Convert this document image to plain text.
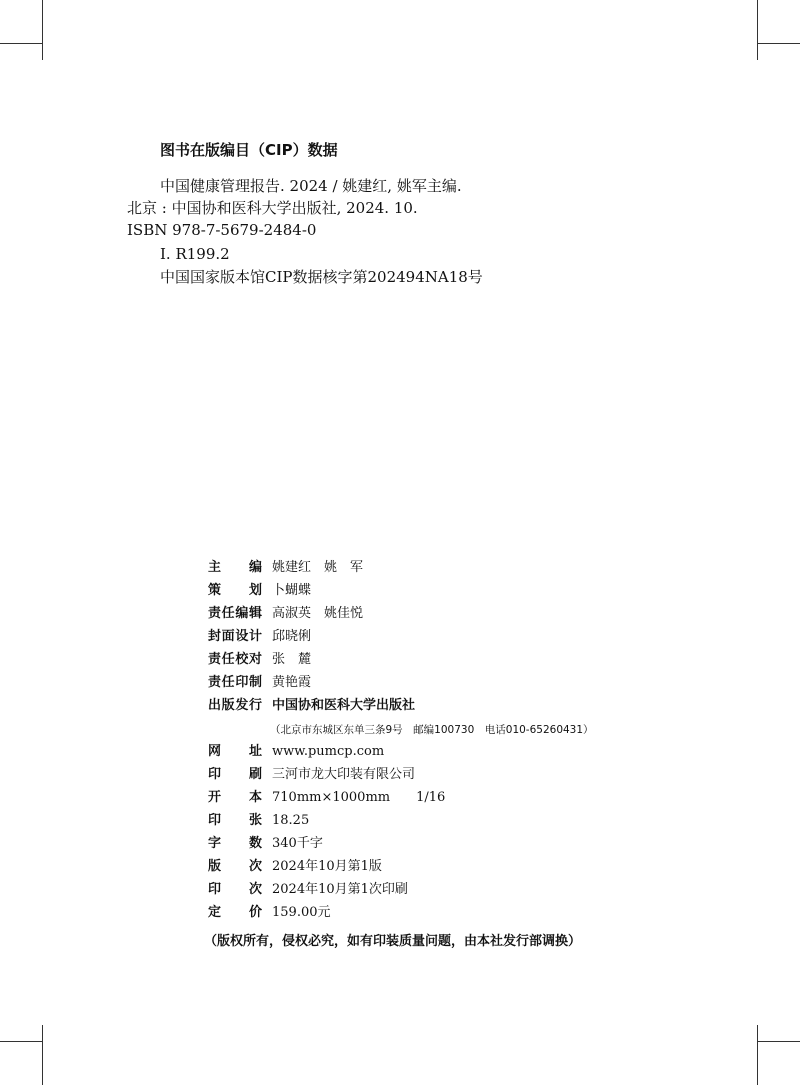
图书在版编目（CIP）数据
中国健康管理报告. 2024 / 姚建红, 姚军主编.
北京 : 中国协和医科大学出版社, 2024. 10.
ISBN 978-7-5679-2484-0
Ⅰ. R199.2
中国国家版本馆CIP数据核字第202494NA18号
主编 姚建红　姚　军
策划 卜蝴蝶
责任编辑 高淑英　姚佳悦
封面设计 邱晓俐
责任校对 张　麓
责任印制 黄艳霞
出版发行 中国协和医科大学出版社
（北京市东城区东单三条9号　邮编100730　电话010-65260431）
网址 www.pumcp.com
印刷 三河市龙大印装有限公司
开本 710mm×1000mm　　1/16
印张 18.25
字数 340千字
版次 2024年10月第1版
印次 2024年10月第1次印刷
定价 159.00元
（版权所有，侵权必究，如有印装质量问题，由本社发行部调换）
